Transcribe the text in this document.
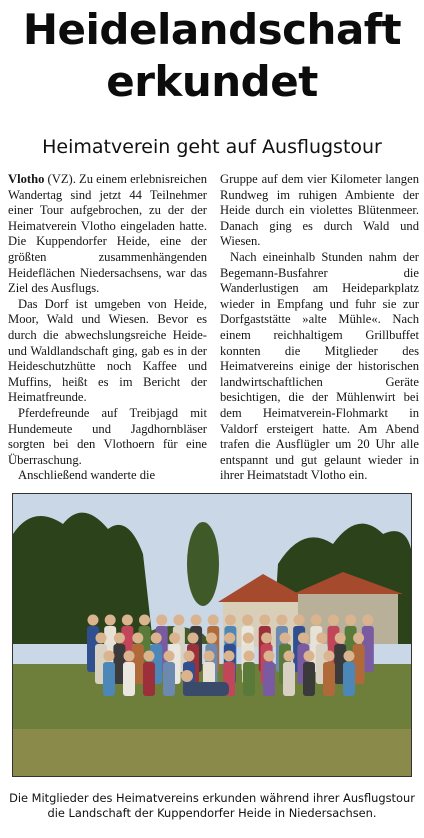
Heidelandschaft
erkundet
Heimatverein geht auf Ausflugstour

Vlotho (VZ). Zu einem erlebnisreichen Wandertag sind jetzt 44 Teilnehmer einer Tour aufgebrochen, zu der der Heimatverein Vlotho eingeladen hatte. Die Kuppendorfer Heide, eine der größten zusammenhängenden Heideflächen Niedersachsens, war das Ziel des Ausflugs.

Das Dorf ist umgeben von Heide, Moor, Wald und Wiesen. Bevor es durch die abwechslungsreiche Heide- und Waldlandschaft ging, gab es in der Heideschutzhütte noch Kaffee und Muffins, heißt es im Bericht der Heimatfreunde.

Pferdefreunde auf Treibjagd mit Hundemeute und Jagdhornbläser sorgten bei den Vlothoern für eine Überraschung.

Anschließend wanderte die

Gruppe auf dem vier Kilometer langen Rundweg im ruhigen Ambiente der Heide durch ein violettes Blütenmeer. Danach ging es durch Wald und Wiesen.

Nach eineinhalb Stunden nahm der Begemann-Busfahrer die Wanderlustigen am Heideparkplatz wieder in Empfang und fuhr sie zur Dorfgaststätte »alte Mühle«. Nach einem reichhaltigem Grillbuffet konnten die Mitglieder des Heimatvereins einige der historischen landwirtschaftlichen Geräte besichtigen, die der Mühlenwirt bei dem Heimatverein-Flohmarkt in Valdorf ersteigert hatte. Am Abend trafen die Ausflügler um 20 Uhr alle entspannt und gut gelaunt wieder in ihrer Heimatstadt Vlotho ein.

Die Mitglieder des Heimatvereins erkunden während ihrer Ausflugstour die Landschaft der Kuppendorfer Heide in Niedersachsen.
